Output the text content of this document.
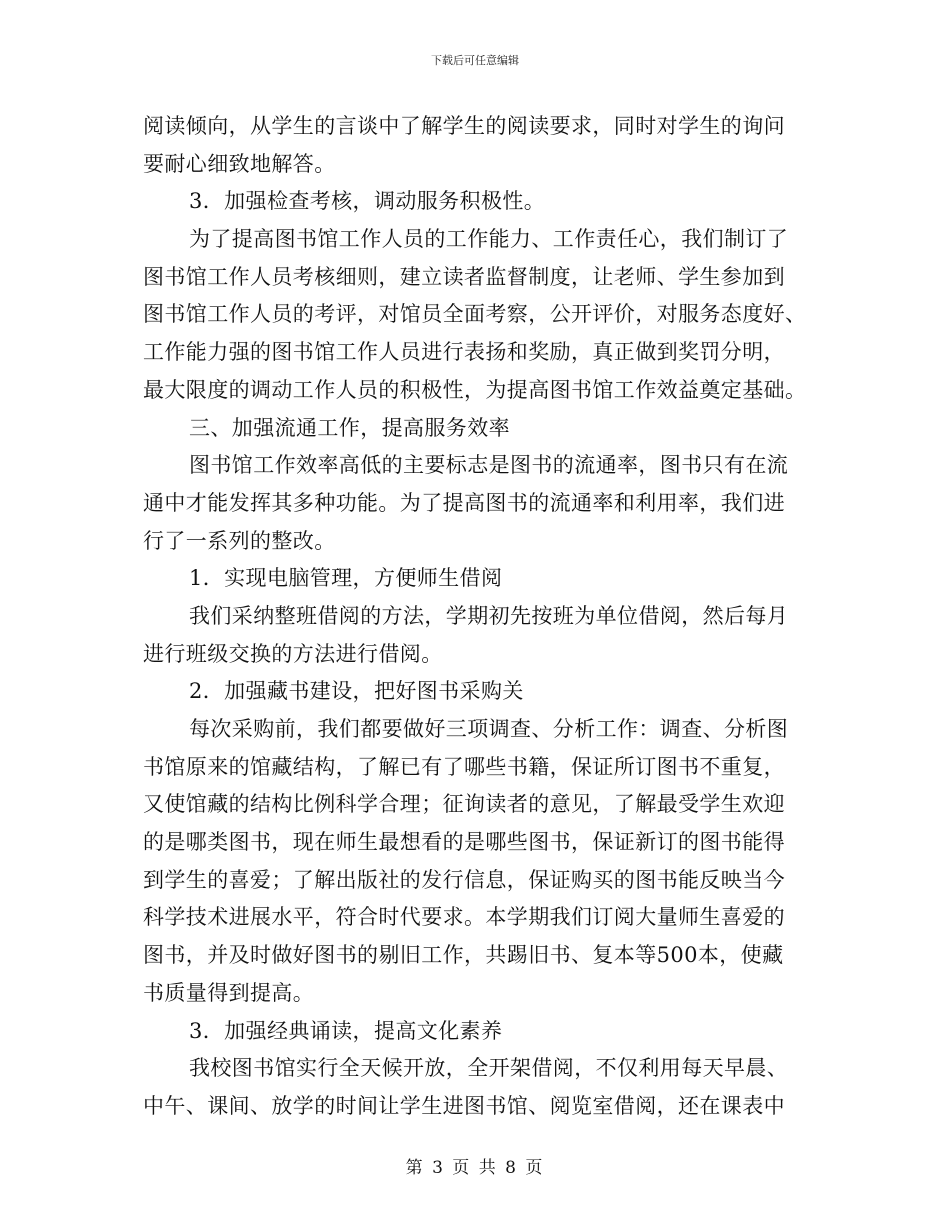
下载后可任意编辑
阅读倾向，从学生的言谈中了解学生的阅读要求，同时对学生的询问
要耐心细致地解答。
3．加强检查考核，调动服务积极性。
为了提高图书馆工作人员的工作能力、工作责任心，我们制订了
图书馆工作人员考核细则，建立读者监督制度，让老师、学生参加到
图书馆工作人员的考评，对馆员全面考察，公开评价，对服务态度好、
工作能力强的图书馆工作人员进行表扬和奖励，真正做到奖罚分明，
最大限度的调动工作人员的积极性，为提高图书馆工作效益奠定基础。
三、加强流通工作，提高服务效率
图书馆工作效率高低的主要标志是图书的流通率，图书只有在流
通中才能发挥其多种功能。为了提高图书的流通率和利用率，我们进
行了一系列的整改。
1．实现电脑管理，方便师生借阅
我们采纳整班借阅的方法，学期初先按班为单位借阅，然后每月
进行班级交换的方法进行借阅。
2．加强藏书建设，把好图书采购关
每次采购前，我们都要做好三项调查、分析工作：调查、分析图
书馆原来的馆藏结构，了解已有了哪些书籍，保证所订图书不重复，
又使馆藏的结构比例科学合理；征询读者的意见，了解最受学生欢迎
的是哪类图书，现在师生最想看的是哪些图书，保证新订的图书能得
到学生的喜爱；了解出版社的发行信息，保证购买的图书能反映当今
科学技术进展水平，符合时代要求。本学期我们订阅大量师生喜爱的
图书，并及时做好图书的剔旧工作，共踢旧书、复本等500本，使藏
书质量得到提高。
3．加强经典诵读，提高文化素养
我校图书馆实行全天候开放，全开架借阅，不仅利用每天早晨、
中午、课间、放学的时间让学生进图书馆、阅览室借阅，还在课表中
第 3 页 共 8 页
